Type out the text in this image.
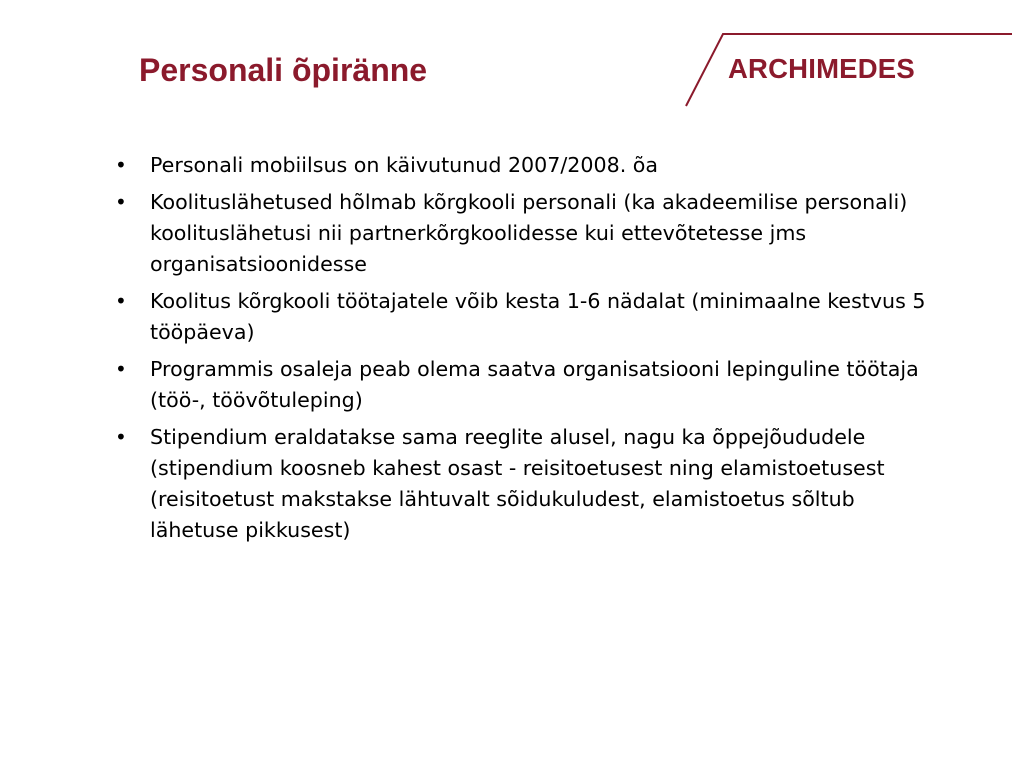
Personali õpiränne	ARCHIMEDES
•	Personali mobiilsus on käivutunud 2007/2008. õa
•	Koolituslähetused hõlmab kõrgkooli personali (ka akadeemilise personali) koolituslähetusi nii partnerkõrgkoolidesse kui ettevõtetesse jms organisatsioonidesse
•	Koolitus kõrgkooli töötajatele võib kesta 1-6 nädalat (minimaalne kestvus 5 tööpäeva)
•	Programmis osaleja peab olema saatva organisatsiooni lepinguline töötaja (töö-, töövõtuleping)
•	Stipendium eraldatakse sama reeglite alusel, nagu ka õppejõududele (stipendium koosneb kahest osast - reisitoetusest ning elamistoetusest (reisitoetust makstakse lähtuvalt sõidukuludest, elamistoetus sõltub lähetuse pikkusest)
